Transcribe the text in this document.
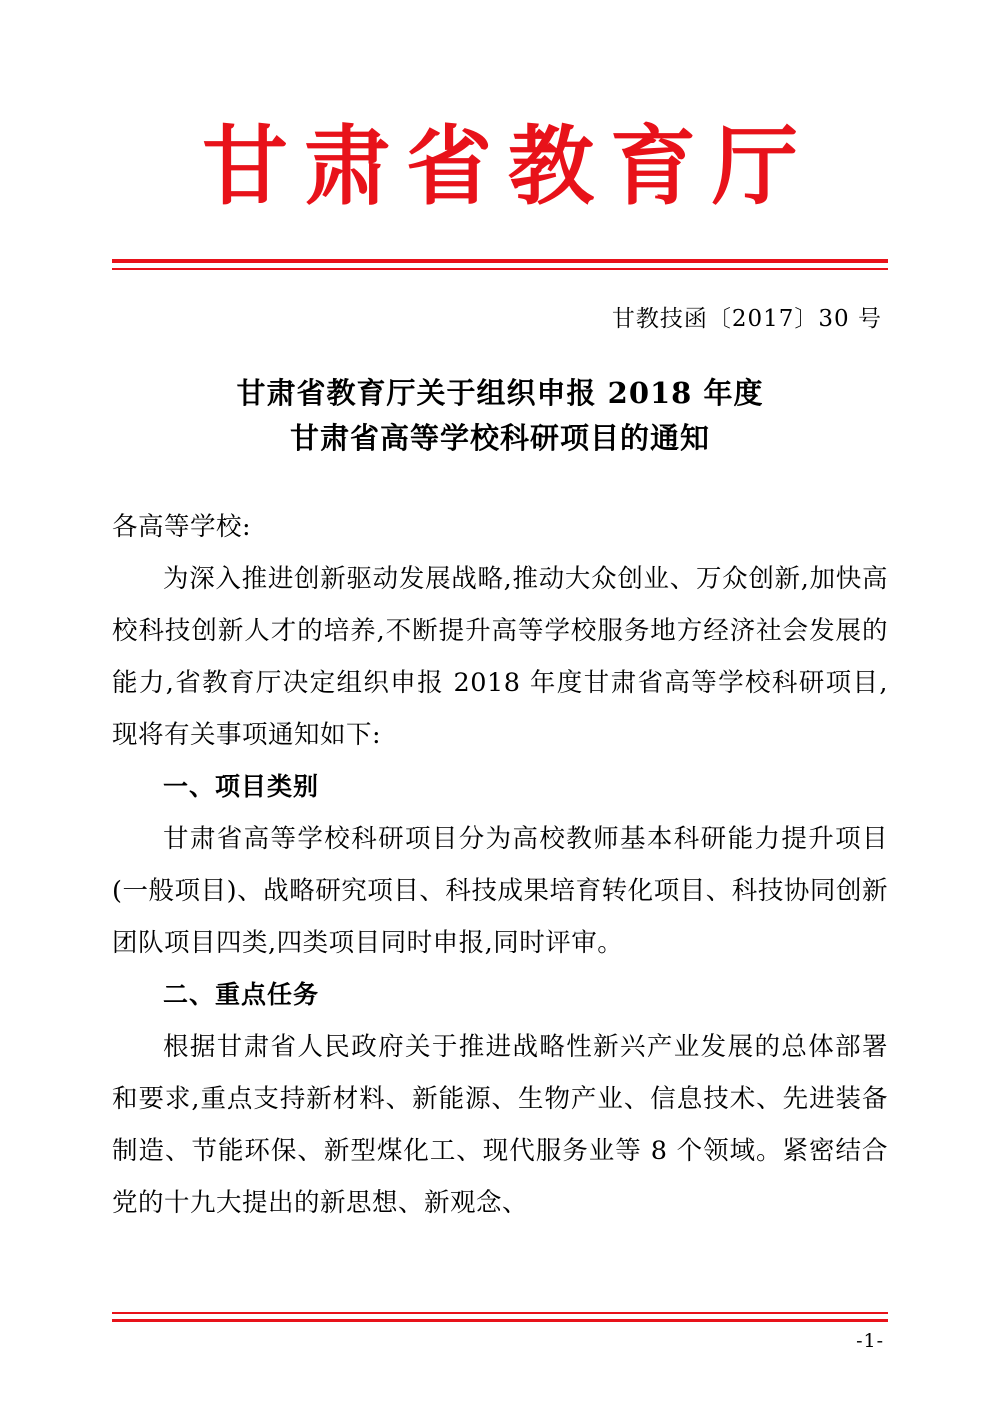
甘肃省教育厅
甘教技函〔2017〕30 号
甘肃省教育厅关于组织申报 2018 年度
甘肃省高等学校科研项目的通知

各高等学校:

为深入推进创新驱动发展战略,推动大众创业、万众创新,加快高校科技创新人才的培养,不断提升高等学校服务地方经济社会发展的能力,省教育厅决定组织申报 2018 年度甘肃省高等学校科研项目,现将有关事项通知如下:

一、项目类别

甘肃省高等学校科研项目分为高校教师基本科研能力提升项目(一般项目)、战略研究项目、科技成果培育转化项目、科技协同创新团队项目四类,四类项目同时申报,同时评审。

二、重点任务

根据甘肃省人民政府关于推进战略性新兴产业发展的总体部署和要求,重点支持新材料、新能源、生物产业、信息技术、先进装备制造、节能环保、新型煤化工、现代服务业等 8 个领域。紧密结合党的十九大提出的新思想、新观念、

-1-
